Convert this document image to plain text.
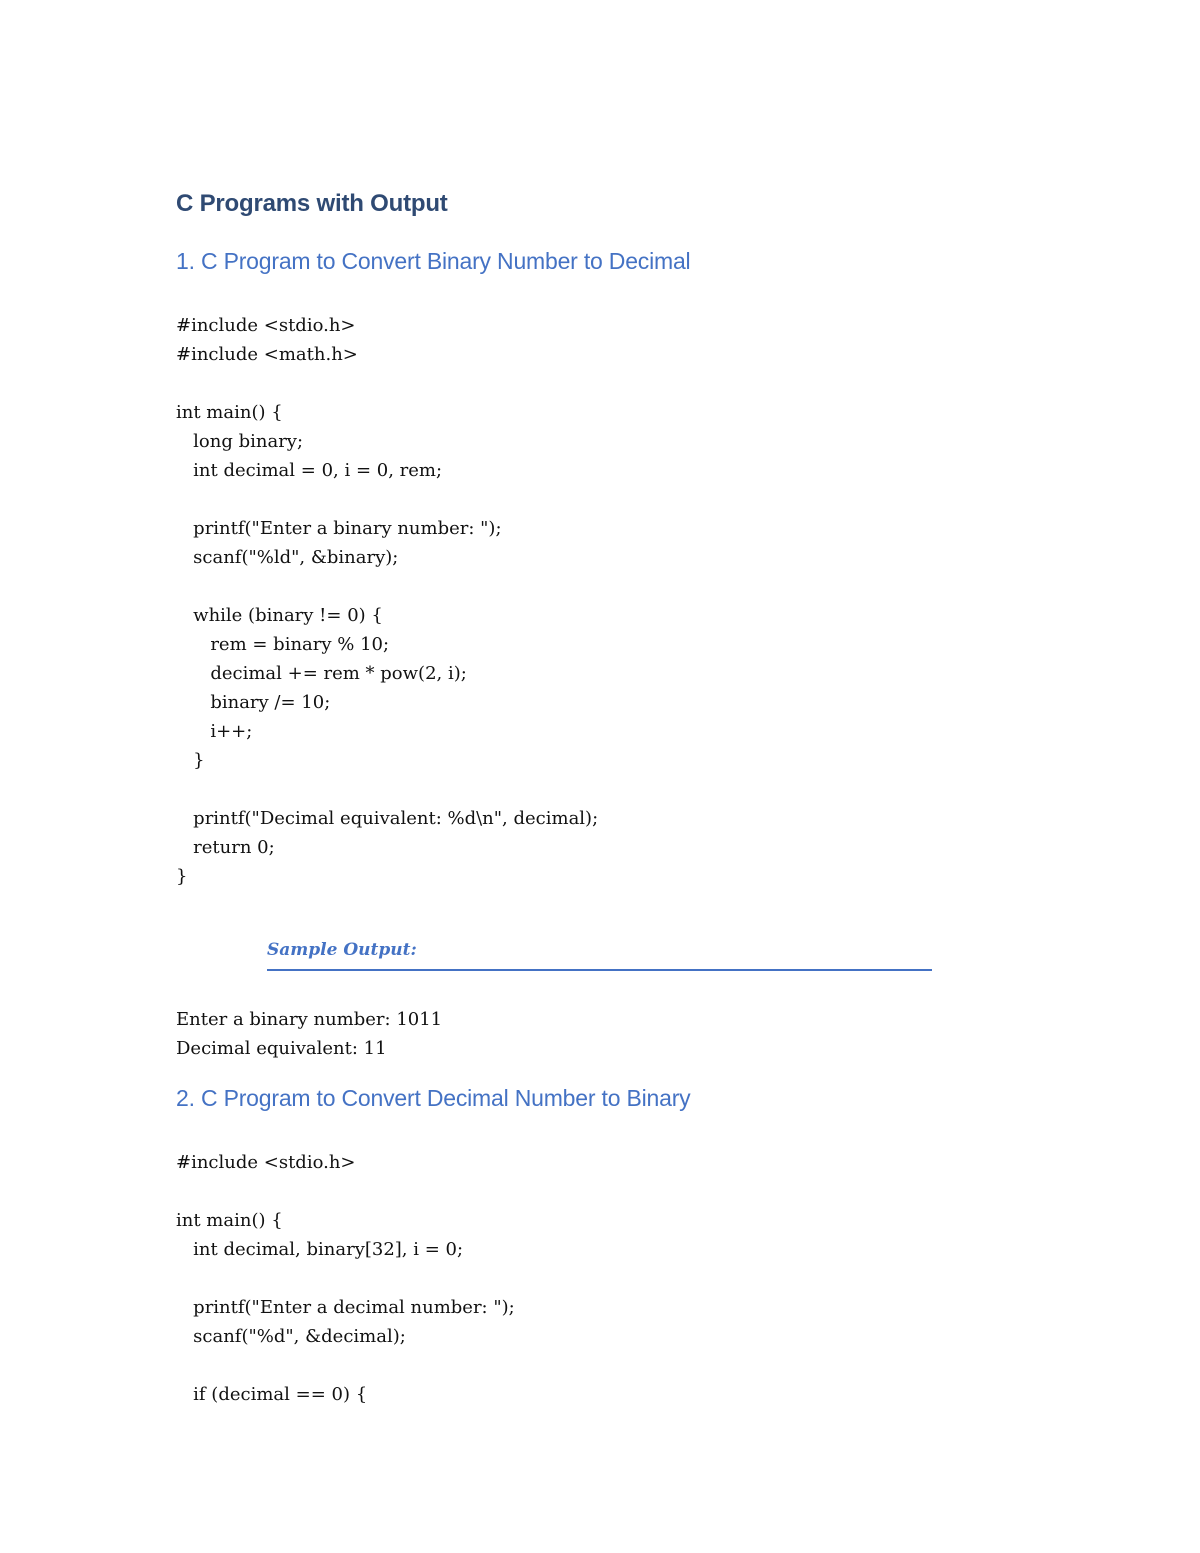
C Programs with Output
1. C Program to Convert Binary Number to Decimal
#include <stdio.h>
#include <math.h>

int main() {
long binary;
int decimal = 0, i = 0, rem;

printf("Enter a binary number: ");
scanf("%ld", &binary);

while (binary != 0) {
rem = binary % 10;
decimal += rem * pow(2, i);
binary /= 10;
i++;
}

printf("Decimal equivalent: %d\n", decimal);
return 0;
}
Sample Output:
Enter a binary number: 1011
Decimal equivalent: 11
2. C Program to Convert Decimal Number to Binary
#include <stdio.h>

int main() {
int decimal, binary[32], i = 0;

printf("Enter a decimal number: ");
scanf("%d", &decimal);

if (decimal == 0) {
